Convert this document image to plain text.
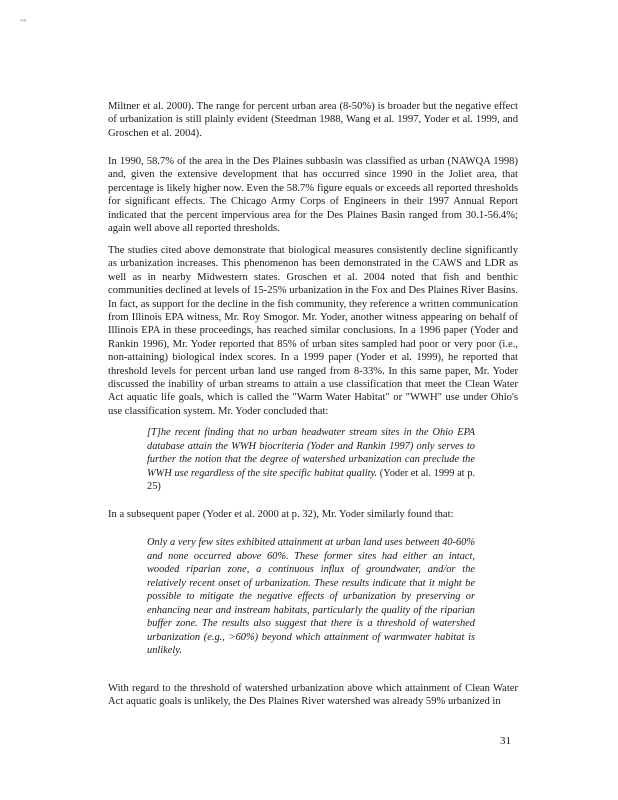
""

Miltner et al. 2000). The range for percent urban area (8-50%) is broader but the negative effect of urbanization is still plainly evident (Steedman 1988, Wang et al. 1997, Yoder et al. 1999, and Groschen et al. 2004).

In 1990, 58.7% of the area in the Des Plaines subbasin was classified as urban (NAWQA 1998) and, given the extensive development that has occurred since 1990 in the Joliet area, that percentage is likely higher now. Even the 58.7% figure equals or exceeds all reported thresholds for significant effects. The Chicago Army Corps of Engineers in their 1997 Annual Report indicated that the percent impervious area for the Des Plaines Basin ranged from 30.1-56.4%; again well above all reported thresholds.

The studies cited above demonstrate that biological measures consistently decline significantly as urbanization increases. This phenomenon has been demonstrated in the CAWS and LDR as well as in nearby Midwestern states. Groschen et al. 2004 noted that fish and benthic communities declined at levels of 15-25% urbanization in the Fox and Des Plaines River Basins. In fact, as support for the decline in the fish community, they reference a written communication from Illinois EPA witness, Mr. Roy Smogor. Mr. Yoder, another witness appearing on behalf of Illinois EPA in these proceedings, has reached similar conclusions. In a 1996 paper (Yoder and Rankin 1996), Mr. Yoder reported that 85% of urban sites sampled had poor or very poor (i.e., non-attaining) biological index scores. In a 1999 paper (Yoder et al. 1999), he reported that threshold levels for percent urban land use ranged from 8-33%. In this same paper, Mr. Yoder discussed the inability of urban streams to attain a use classification that meet the Clean Water Act aquatic life goals, which is called the "Warm Water Habitat" or "WWH" use under Ohio's use classification system. Mr. Yoder concluded that:

[T]he recent finding that no urban headwater stream sites in the Ohio EPA database attain the WWH biocriteria (Yoder and Rankin 1997) only serves to further the notion that the degree of watershed urbanization can preclude the WWH use regardless of the site specific habitat quality. (Yoder et al. 1999 at p. 25)

In a subsequent paper (Yoder et al. 2000 at p. 32), Mr. Yoder similarly found that:

Only a very few sites exhibited attainment at urban land uses between 40-60% and none occurred above 60%. These former sites had either an intact, wooded riparian zone, a continuous influx of groundwater, and/or the relatively recent onset of urbanization. These results indicate that it might be possible to mitigate the negative effects of urbanization by preserving or enhancing near and instream habitats, particularly the quality of the riparian buffer zone. The results also suggest that there is a threshold of watershed urbanization (e.g., >60%) beyond which attainment of warmwater habitat is unlikely.

With regard to the threshold of watershed urbanization above which attainment of Clean Water Act aquatic goals is unlikely, the Des Plaines River watershed was already 59% urbanized in

31
